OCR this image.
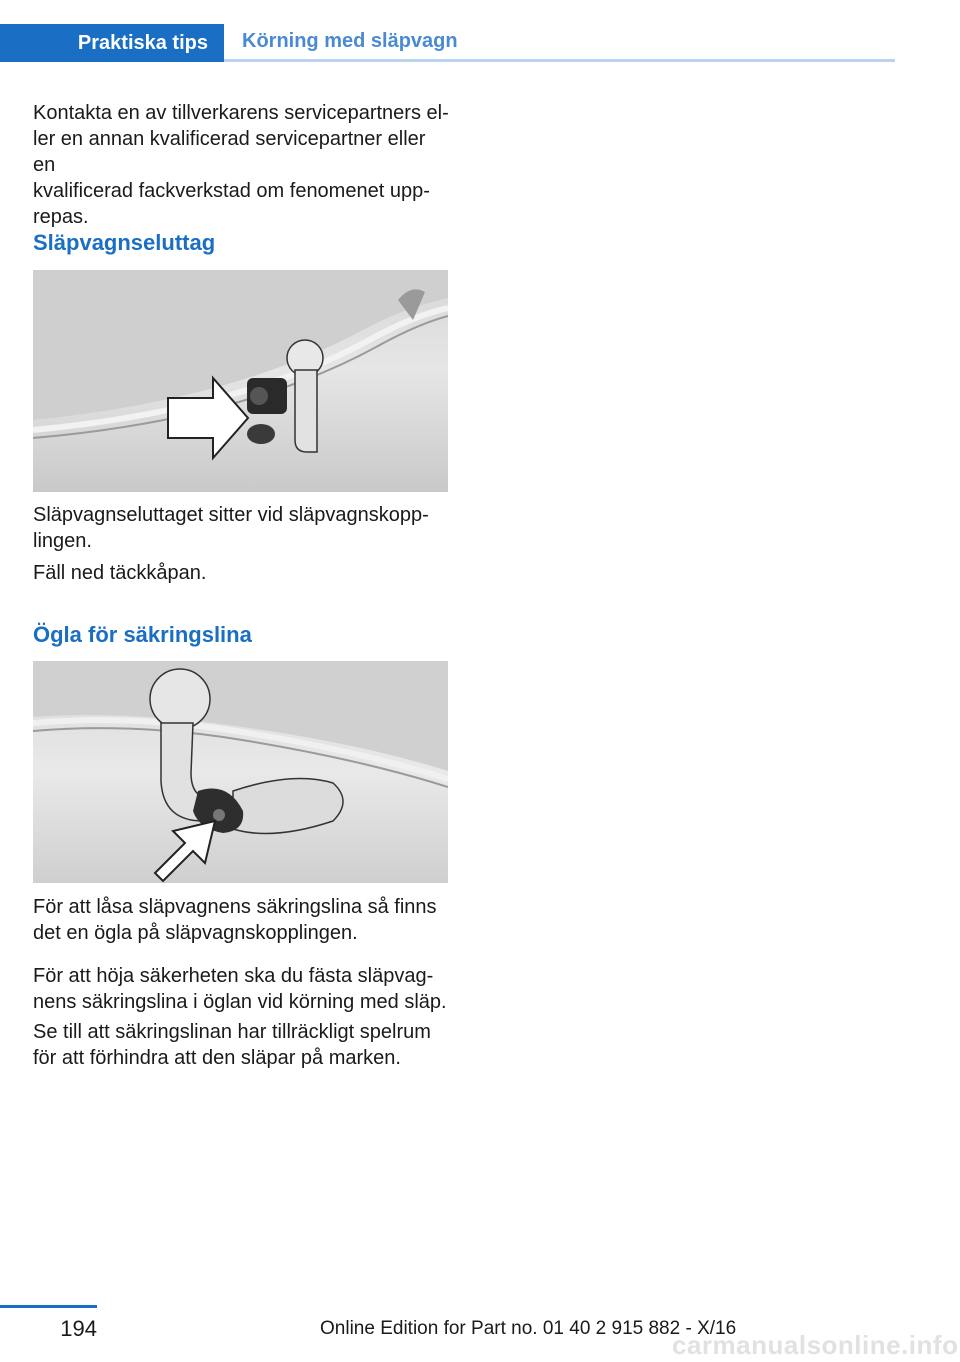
Praktiska tips	Körning med släpvagn

Kontakta en av tillverkarens servicepartners el‐
ler en annan kvalificerad servicepartner eller en
kvalificerad fackverkstad om fenomenet upp‐
repas.

Släpvagnseluttag

Släpvagnseluttaget sitter vid släpvagnskopp‐
lingen.

Fäll ned täckkåpan.

Ögla för säkringslina

För att låsa släpvagnens säkringslina så finns
det en ögla på släpvagnskopplingen.

För att höja säkerheten ska du fästa släpvag‐
nens säkringslina i öglan vid körning med släp.

Se till att säkringslinan har tillräckligt spelrum
för att förhindra att den släpar på marken.

194	Online Edition for Part no. 01 40 2 915 882 - X/16
carmanualsonline.info
